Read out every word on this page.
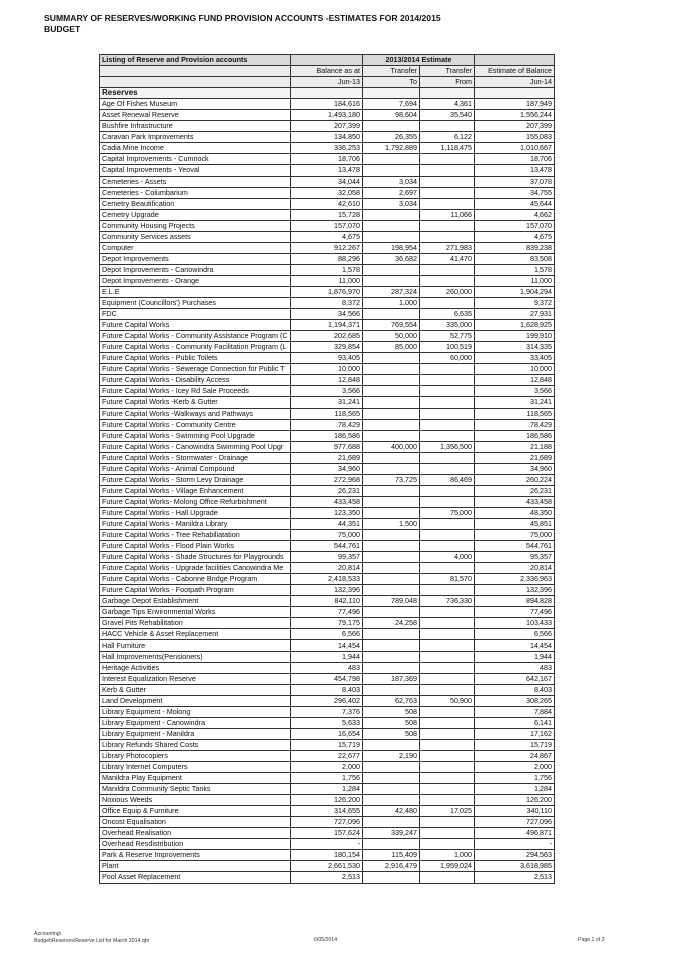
SUMMARY OF RESERVES/WORKING FUND PROVISION ACCOUNTS -ESTIMATES FOR 2014/2015
BUDGET
Listing of Reserve and Provision accounts		2013/2014 Estimate		
	Balance as at	Transfer	Transfer	Estimate of Balance
	Jun-13	To	From	Jun-14
Reserves				
Age Of Fishes Museum	184,616	7,694	4,361	187,949
Asset Renewal Reserve	1,493,180	98,604	35,540	1,556,244
Bushfire Infrastructure	207,399			207,399
Caravan Park Improvements	134,850	26,355	6,122	155,083
Cadia Mine Income	336,253	1,792,889	1,118,475	1,010,667
Capital Improvements - Cumnock	18,706			18,706
Capital Improvements - Yeoval	13,478			13,478
Cemeteries - Assets	34,044	3,034		37,078
Cemeteries - Columbarium	32,058	2,697		34,755
Cemetry Beautification	42,610	3,034		45,644
Cemetry Upgrade	15,728		11,066	4,662
Community Housing Projects	157,070			157,070
Community Services assets	4,675			4,675
Computer	912,267	198,954	271,983	839,238
Depot Improvements	88,296	36,682	41,470	83,508
Depot Improvements - Canowindra	1,578			1,578
Depot Improvements - Orange	11,000			11,000
E.L.E	1,876,970	287,324	260,000	1,904,294
Equipment (Councillors') Purchases	8,372	1,000		9,372
FDC	34,566		6,635	27,931
Future Capital Works	1,194,371	769,554	335,000	1,628,925
Future Capital Works - Community Assistance Program (C	202,685	50,000	52,775	199,910
Future Capital Works - Community Facilitation Program (L	329,854	85,000	100,519	314,335
Future Capital Works - Public Toilets	93,405		60,000	33,405
Future Capital Works - Sewerage Connection for Public T	10,000			10,000
Future Capital Works - Disability Access	12,848			12,848
Future Capital Works - Icey Rd Sale Proceeds	3,566			3,566
Future Capital Works -Kerb & Gutter	31,241			31,241
Future Capital Works -Walkways and Pathways	118,565			118,565
Future Capital Works - Community Centre	78,429			78,429
Future Capital Works - Swimming Pool Upgrade	186,586			186,586
Future Capital Works - Canowindra Swimming Pool Upgr	977,688	400,000	1,356,500	21,188
Future Capital Works - Stormwater - Drainage	21,689			21,689
Future Capital Works - Animal Compound	34,960			34,960
Future Capital Works - Storm Levy Drainage	272,968	73,725	86,469	260,224
Future Capital Works - Village Enhancement	26,231			26,231
Future Capital Works- Molong Office Refurbishment	433,458			433,458
Future Capital Works - Hall Upgrade	123,350		75,000	48,350
Future Capital Works - Manildra Library	44,351	1,500		45,851
Future Capital Works - Tree Rehabiliatation	75,000			75,000
Future Capital Works - Flood Plain Works	544,761			544,761
Future Capital Works - Shade Structures for Playgrounds	99,357		4,000	95,357
Future Capital Works - Upgrade facilities Canowindra Me	20,814			20,814
Future Capital Works - Cabonne Bridge Program	2,418,533		81,570	2,336,963
Future Capital Works - Footpath Program	132,396			132,396
Garbage Depot Establishment	842,110	789,048	736,330	894,828
Garbage Tips Environmental Works	77,496			77,496
Gravel Pits Rehabilitation	79,175	24,258		103,433
HACC Vehicle & Asset Replacement	6,566			6,566
Hall Furniture	14,454			14,454
Hall Improvements(Pensioners)	1,944			1,944
Heritage Activities	483			483
Interest Equalization Reserve	454,798	187,369		642,167
Kerb & Gutter	8,403			8,403
Land Development	296,402	62,763	50,900	308,265
Library Equipment - Molong	7,376	508		7,884
Library Equipment - Canowindra	5,633	508		6,141
Library Equipment - Manildra	16,654	508		17,162
Library Refunds Shared Costs	15,719			15,719
Library Photocopiers	22,677	2,190		24,867
Library Internet Computers	2,000			2,000
Manildra Play Equipment	1,756			1,756
Manildra Community Septic Tanks	1,284			1,284
Noxious Weeds	126,200			126,200
Office Equip & Furniture	314,655	42,480	17,025	340,110
Oncost Equalisation	727,096			727,096
Overhead Realisation	157,624	339,247		496,871
Overhead Resdistribution	-			-
Park & Reserve Improvements	180,154	115,409	1,000	294,563
Plant	2,661,530	2,916,479	1,959,024	3,618,985
Pool Asset Replacement	2,513			2,513
Accounting\
Budget\Reserves\Reserve List for March 2014.qbr	6/05/2014	Page 1 of 3
